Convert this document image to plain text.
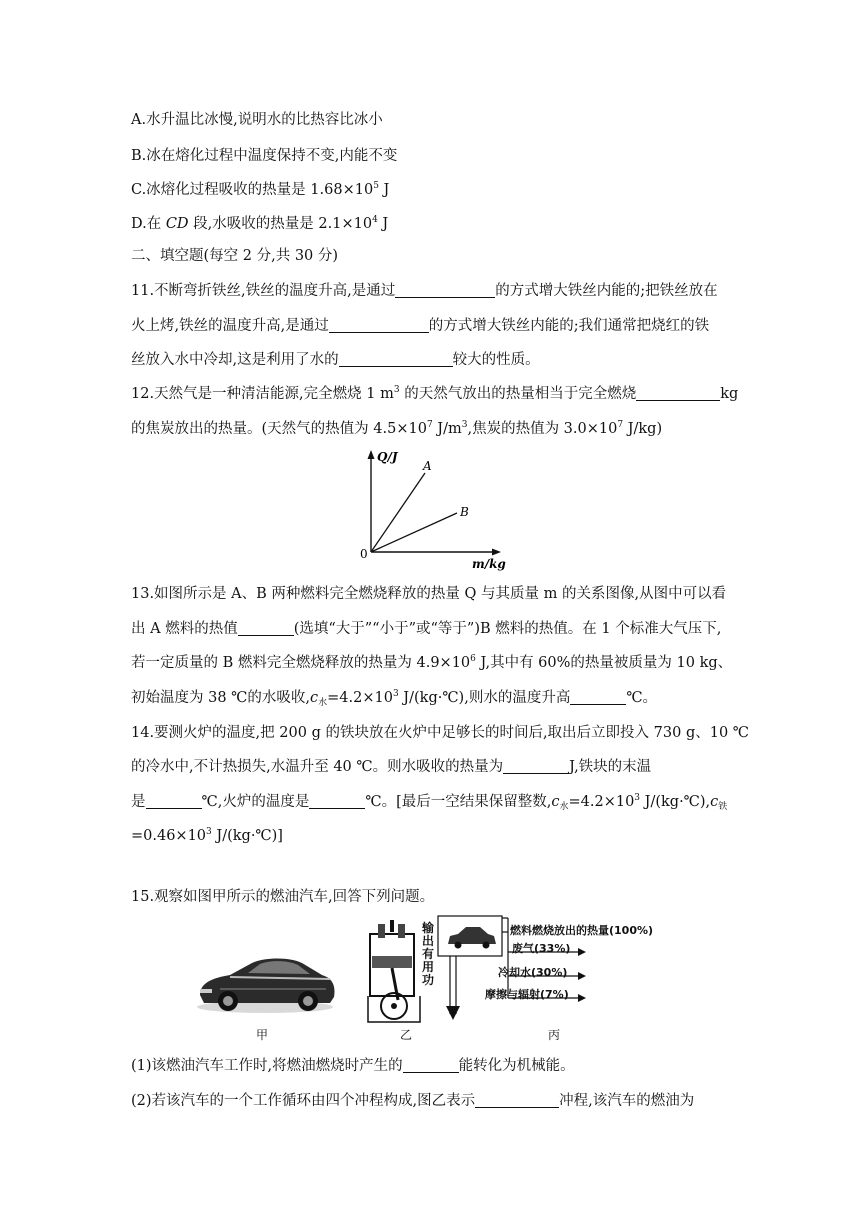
A.水升温比冰慢,说明水的比热容比冰小
B.冰在熔化过程中温度保持不变,内能不变
C.冰熔化过程吸收的热量是 $1.68\times 10^5$ J
D.在 CD 段,水吸收的热量是 $2.1\times 10^4$ J
二、填空题(每空 2 分,共 30 分)
11.不断弯折铁丝,铁丝的温度升高,是通过	的方式增大铁丝内能的;把铁丝放在
火上烤,铁丝的温度升高,是通过	的方式增大铁丝内能的;我们通常把烧红的铁
丝放入水中冷却,这是利用了水的	较大的性质。
12.天然气是一种清洁能源,完全燃烧 1 $m^3$ 的天然气放出的热量相当于完全燃烧	kg
的焦炭放出的热量。(天然气的热值为 $4.5\times 10^7$ $J/m^3$,焦炭的热值为 $3.0\times 10^7$ J/kg)
Q/J
m/kg
0
A
B
13.如图所示是 A、B 两种燃料完全燃烧释放的热量 Q 与其质量 m 的关系图像,从图中可以看
出 A 燃料的热值	(选填“大于”“小于”或“等于”)B 燃料的热值。在 1 个标准大气压下,
若一定质量的 B 燃料完全燃烧释放的热量为 $4.9\times 10^6$ J,其中有 60%的热量被质量为 10 kg、
初始温度为 38 ℃的水吸收$,c_水=4.2\times 10^3$ J/(kg·℃),则水的温度升高	℃。
14.要测火炉的温度,把 200 g 的铁块放在火炉中足够长的时间后,取出后立即投入 730 g、10 ℃
的冷水中,不计热损失,水温升至 40 ℃。则水吸收的热量为	J,铁块的末温
是	℃,火炉的温度是	℃。[最后一空结果保留整数$,c_水=4.2\times 10^3$ $J/(kg\cdot℃),c_铁$
$=0.46\times 10^3$ J/(kg·℃)]
15.观察如图甲所示的燃油汽车,回答下列问题。
甲
输出有用功
乙
燃料燃烧放出的热量(100%)
废气(33%)
冷却水(30%)
摩擦与辐射(7%)
丙
(1)该燃油汽车工作时,将燃油燃烧时产生的	能转化为机械能。
(2)若该汽车的一个工作循环由四个冲程构成,图乙表示	冲程,该汽车的燃油为
